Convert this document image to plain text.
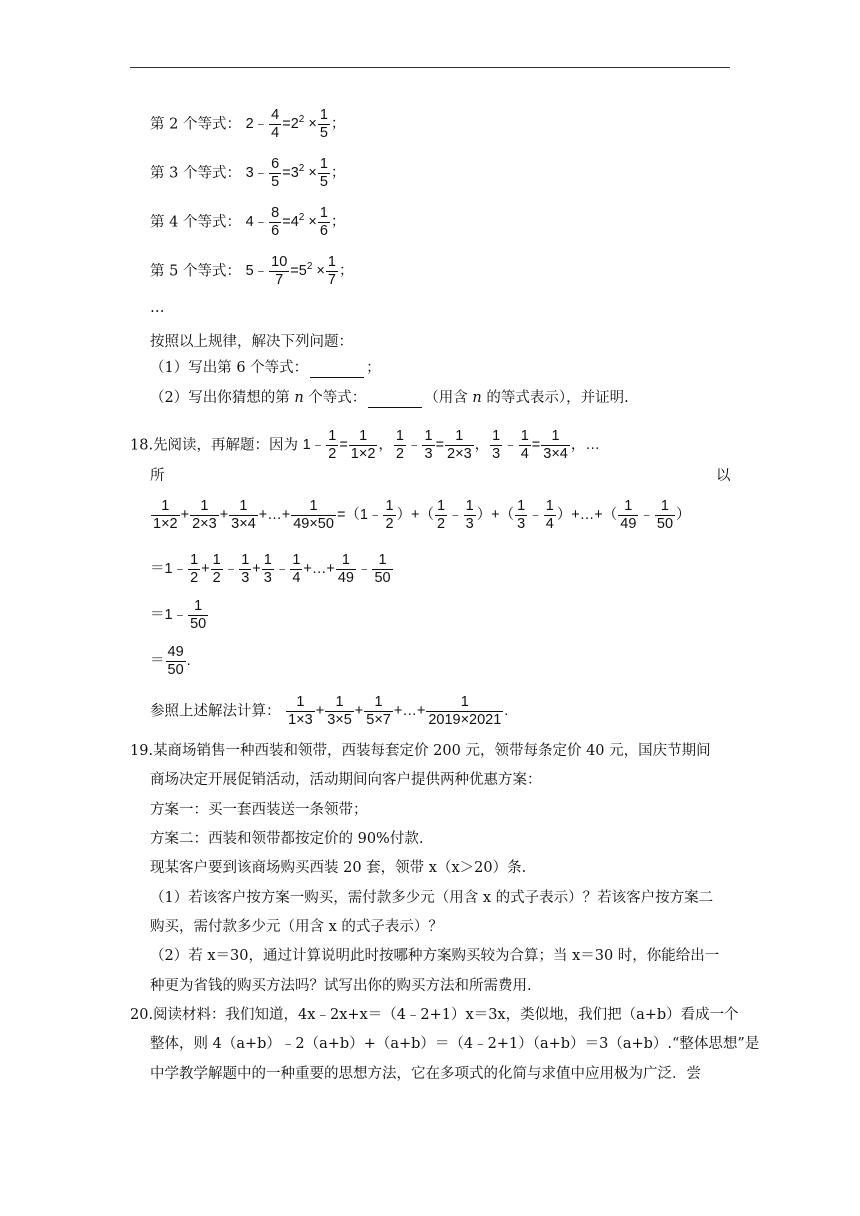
第 2 个等式： 2﹣ $\frac{4}{4} =2^2 \times \frac{1}{5}$ ；
第 3 个等式： 3﹣ $\frac{6}{5} =3^2 \times \frac{1}{5}$ ；
第 4 个等式： 4﹣ $\frac{8}{6} =4^2 \times \frac{1}{6}$ ；
第 5 个等式： 5﹣ $\frac{10}{7} =5^2 \times \frac{1}{7}$ ；
…
按照以上规律，解决下列问题：
（1）写出第 6 个等式：	；
（2）写出你猜想的第 n 个等式：	（用含 n 的等式表示），并证明.
18.先阅读，再解题：因为 1﹣ $\frac{1}{2} = \frac{1}{1\times 2}$ ， $\frac{1}{2}$ ﹣ $\frac{1}{3} = \frac{1}{2\times 3}$ ， $\frac{1}{3}$ ﹣ $\frac{1}{4} = \frac{1}{3\times 4}$ ，…
所	以
$\frac{1}{1\times 2} + \frac{1}{2\times 3} + \frac{1}{3\times 4}$ +…+ $\frac{1}{49\times 50}$ =（1﹣ $\frac{1}{2}$ ）+（ $\frac{1}{2}$ ﹣ $\frac{1}{3}$ ）+（ $\frac{1}{3}$ ﹣ $\frac{1}{4}$ ）+…+（ $\frac{1}{49}$ ﹣ $\frac{1}{50}$ ）
＝1﹣ $\frac{1}{2} + \frac{1}{2}$ ﹣ $\frac{1}{3} + \frac{1}{3}$ ﹣ $\frac{1}{4}$ +…+ $\frac{1}{49}$ ﹣ $\frac{1}{50}$
＝1﹣ $\frac{1}{50}$
＝ $\frac{49}{50}$ .
参照上述解法计算： $\frac{1}{1\times 3} + \frac{1}{3\times 5} + \frac{1}{5\times 7}$ +…+ $\frac{1}{2019\times 2021}$ .
19.某商场销售一种西装和领带，西装每套定价 200 元，领带每条定价 40 元，国庆节期间
商场决定开展促销活动，活动期间向客户提供两种优惠方案：
方案一：买一套西装送一条领带；
方案二：西装和领带都按定价的 90%付款.
现某客户要到该商场购买西装 20 套，领带 x（x＞20）条.
（1）若该客户按方案一购买，需付款多少元（用含 x 的式子表示）？若该客户按方案二
购买，需付款多少元（用含 x 的式子表示）？
（2）若 x＝30，通过计算说明此时按哪种方案购买较为合算；当 x＝30 时，你能给出一
种更为省钱的购买方法吗？试写出你的购买方法和所需费用.
20.阅读材料：我们知道，4x﹣2x+x＝（4﹣2+1）x＝3x，类似地，我们把（a+b）看成一个
整体，则 4（a+b）﹣2（a+b）+（a+b）＝（4﹣2+1）（a+b）＝3（a+b）.“整体思想”是
中学教学解题中的一种重要的思想方法，它在多项式的化简与求值中应用极为广泛．尝
